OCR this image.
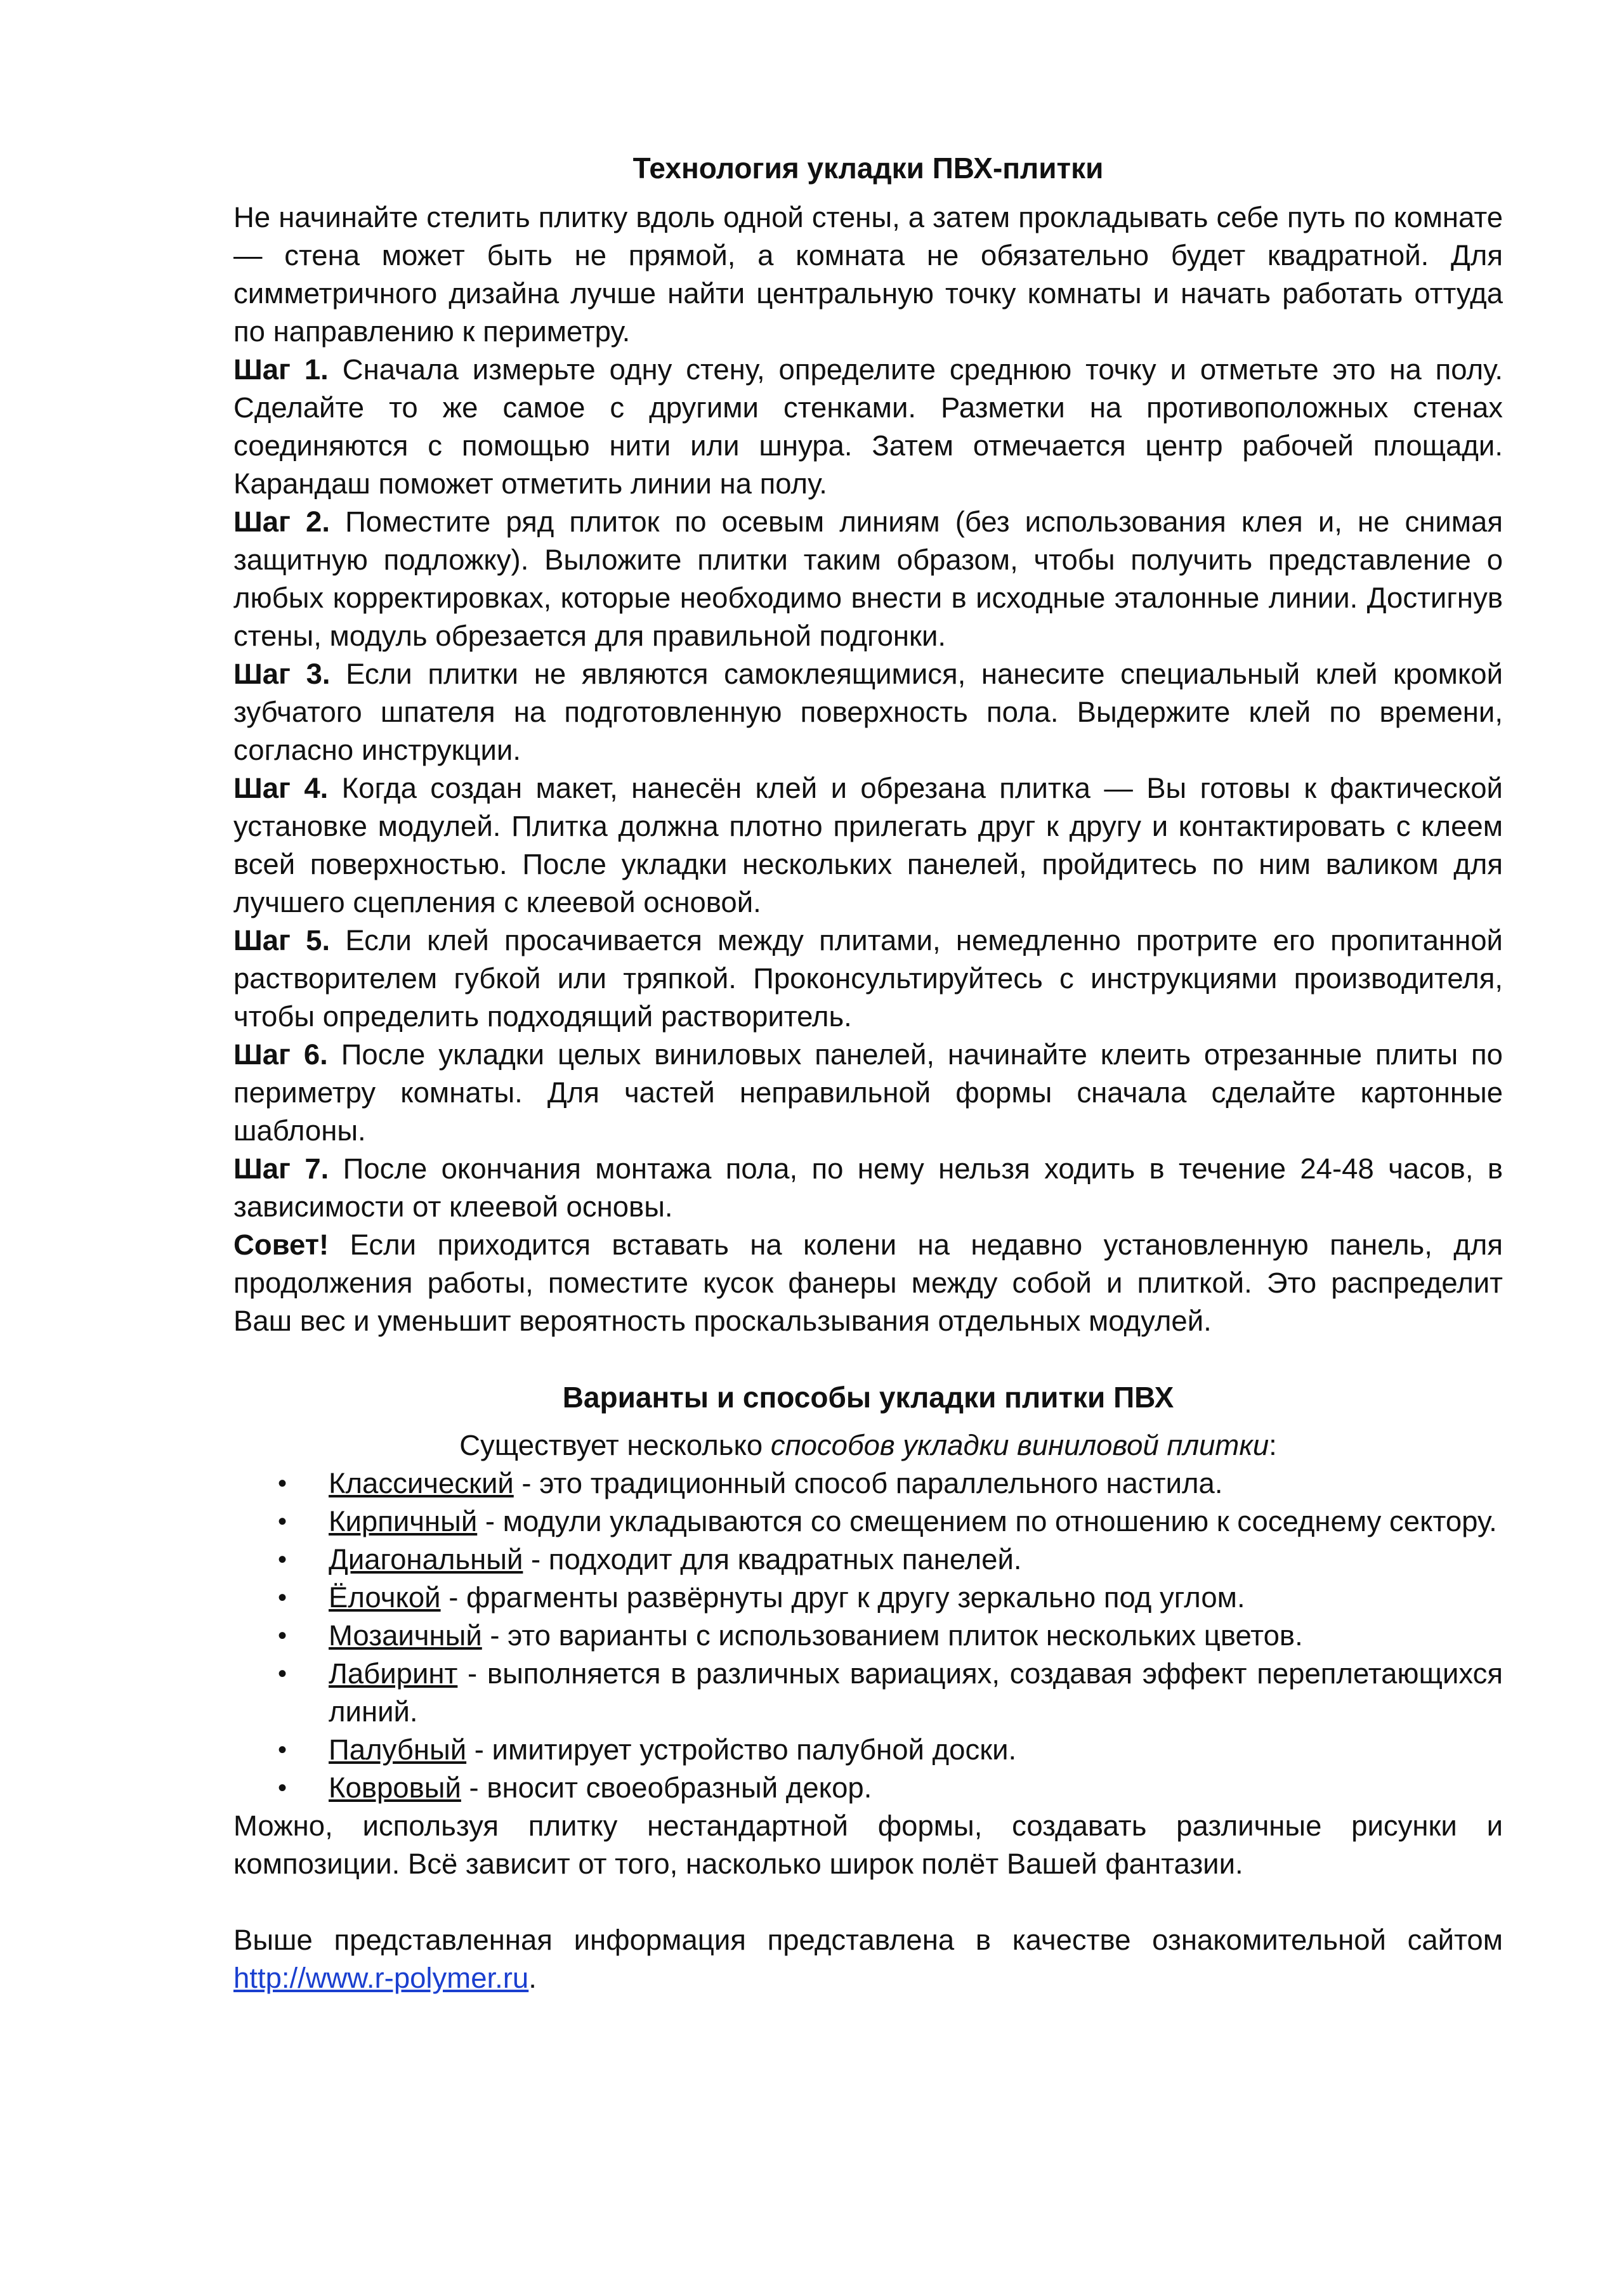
Технология укладки ПВХ-плитки

Не начинайте стелить плитку вдоль одной стены, а затем прокладывать себе путь по комнате — стена может быть не прямой, а комната не обязательно будет квадратной. Для симметричного дизайна лучше найти центральную точку комнаты и начать работать оттуда по направлению к периметру.

Шаг 1. Сначала измерьте одну стену, определите среднюю точку и отметьте это на полу. Сделайте то же самое с другими стенками. Разметки на противоположных стенах соединяются с помощью нити или шнура. Затем отмечается центр рабочей площади. Карандаш поможет отметить линии на полу.

Шаг 2. Поместите ряд плиток по осевым линиям (без использования клея и, не снимая защитную подложку). Выложите плитки таким образом, чтобы получить представление о любых корректировках, которые необходимо внести в исходные эталонные линии. Достигнув стены, модуль обрезается для правильной подгонки.

Шаг 3. Если плитки не являются самоклеящимися, нанесите специальный клей кромкой зубчатого шпателя на подготовленную поверхность пола. Выдержите клей по времени, согласно инструкции.

Шаг 4. Когда создан макет, нанесён клей и обрезана плитка — Вы готовы к фактической установке модулей. Плитка должна плотно прилегать друг к другу и контактировать с клеем всей поверхностью. После укладки нескольких панелей, пройдитесь по ним валиком для лучшего сцепления с клеевой основой.

Шаг 5. Если клей просачивается между плитами, немедленно протрите его пропитанной растворителем губкой или тряпкой. Проконсультируйтесь с инструкциями производителя, чтобы определить подходящий растворитель.

Шаг 6. После укладки целых виниловых панелей, начинайте клеить отрезанные плиты по периметру комнаты. Для частей неправильной формы сначала сделайте картонные шаблоны.

Шаг 7. После окончания монтажа пола, по нему нельзя ходить в течение 24-48 часов, в зависимости от клеевой основы.

Совет! Если приходится вставать на колени на недавно установленную панель, для продолжения работы, поместите кусок фанеры между собой и плиткой. Это распределит Ваш вес и уменьшит вероятность проскальзывания отдельных модулей.

Варианты и способы укладки плитки ПВХ

Существует несколько способов укладки виниловой плитки:

• Классический - это традиционный способ параллельного настила.
• Кирпичный - модули укладываются со смещением по отношению к соседнему сектору.
• Диагональный - подходит для квадратных панелей.
• Ёлочкой - фрагменты развёрнуты друг к другу зеркально под углом.
• Мозаичный - это варианты с использованием плиток нескольких цветов.
• Лабиринт - выполняется в различных вариациях, создавая эффект переплетающихся линий.
• Палубный - имитирует устройство палубной доски.
• Ковровый - вносит своеобразный декор.

Можно, используя плитку нестандартной формы, создавать различные рисунки и композиции. Всё зависит от того, насколько широк полёт Вашей фантазии.

Выше представленная информация представлена в качестве ознакомительной сайтом http://www.r-polymer.ru.
